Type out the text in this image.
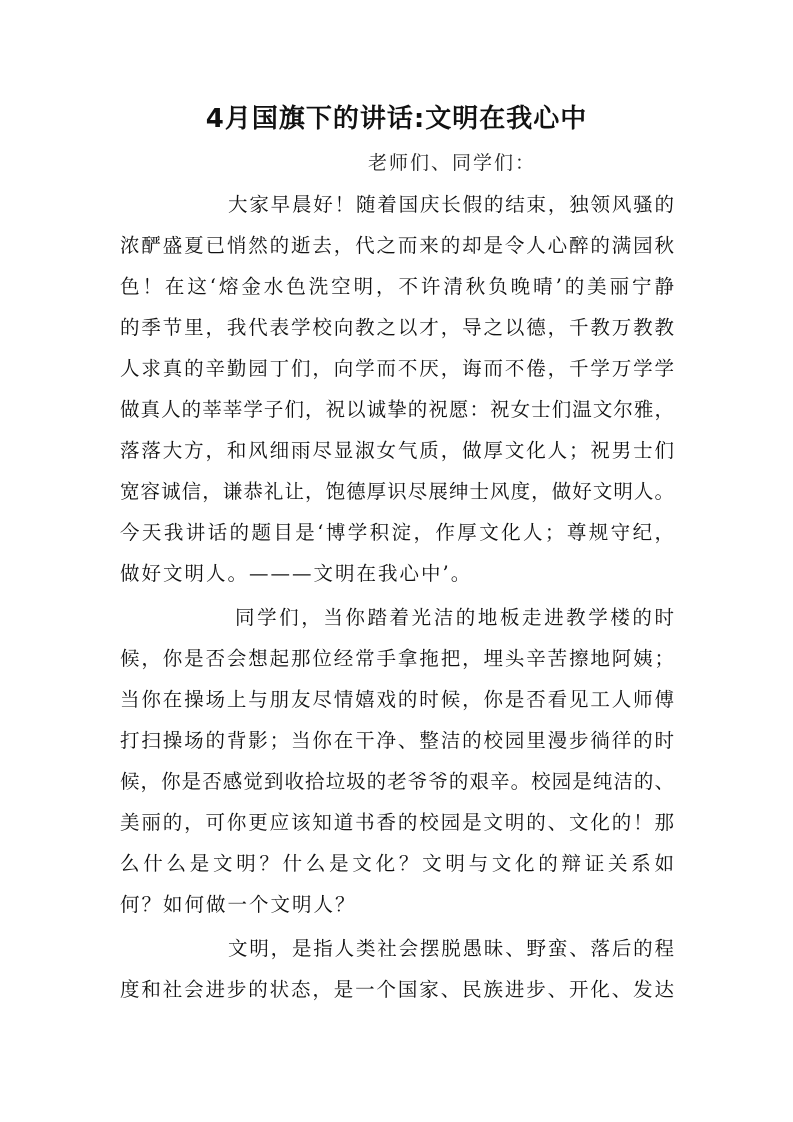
4月国旗下的讲话:文明在我心中
老师们、同学们：
大家早晨好！随着国庆长假的结束，独领风骚的
浓酽盛夏已悄然的逝去，代之而来的却是令人心醉的满园秋
色！在这‘熔金水色洗空明，不许清秋负晚晴’的美丽宁静
的季节里，我代表学校向教之以才，导之以德，千教万教教
人求真的辛勤园丁们，向学而不厌，诲而不倦，千学万学学
做真人的莘莘学子们，祝以诚挚的祝愿：祝女士们温文尔雅，
落落大方，和风细雨尽显淑女气质，做厚文化人；祝男士们
宽容诚信，谦恭礼让，饱德厚识尽展绅士风度，做好文明人。
今天我讲话的题目是‘博学积淀，作厚文化人；尊规守纪，
做好文明人。———文明在我心中’。
同学们，当你踏着光洁的地板走进教学楼的时
候，你是否会想起那位经常手拿拖把，埋头辛苦擦地阿姨；
当你在操场上与朋友尽情嬉戏的时候，你是否看见工人师傅
打扫操场的背影；当你在干净、整洁的校园里漫步徜徉的时
候，你是否感觉到收拾垃圾的老爷爷的艰辛。校园是纯洁的、
美丽的，可你更应该知道书香的校园是文明的、文化的！那
么什么是文明？什么是文化？文明与文化的辩证关系如
何？如何做一个文明人？
文明，是指人类社会摆脱愚昧、野蛮、落后的程
度和社会进步的状态，是一个国家、民族进步、开化、发达
